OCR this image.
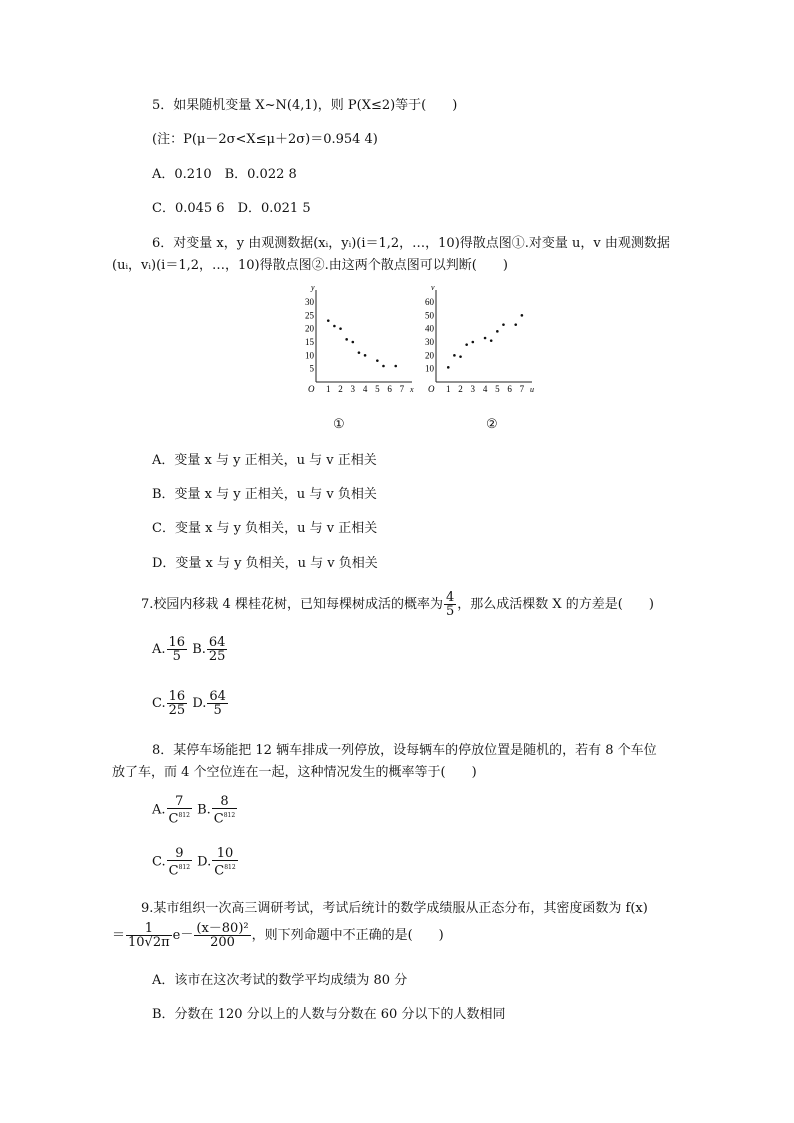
5．如果随机变量 X~N(4,1)，则 P(X≤2)等于(　　)
(注：P(μ－2σ<X≤μ＋2σ)＝0.954 4)
A．0.210　B．0.022 8
C．0.045 6　D．0.021 5
6．对变量 x，y 由观测数据(xᵢ，yᵢ)(i＝1,2，…，10)得散点图①.对变量 u，v 由观测数据
(uᵢ，vᵢ)(i＝1,2，…，10)得散点图②.由这两个散点图可以判断(　　)
O	x
y
1 2 3 4 5 6 7
5
10
15
20
25
30
O	u
v
1 2 3 4 5 6 7
10
20
30
40
50
60
①	②
A．变量 x 与 y 正相关，u 与 v 正相关
B．变量 x 与 y 正相关，u 与 v 负相关
C．变量 x 与 y 负相关，u 与 v 正相关
D．变量 x 与 y 负相关，u 与 v 负相关
7.校园内移栽 4 棵桂花树，已知每棵树成活的概率为 $\frac{4}{5}$ ，那么成活棵数 X 的方差是(　　)
A. $\frac{16}{5} B$. $\frac{64}{25}$
C. $\frac{16}{25} D$. $\frac{64}{5}$
8．某停车场能把 12 辆车排成一列停放，设每辆车的停放位置是随机的，若有 8 个车位
放了车，而 4 个空位连在一起，这种情况发生的概率等于(　　)
A. $\frac{7}{C^{812}} B$. $\frac{8}{C^{812}}$
C. $\frac{9}{C^{812}} D$. $\frac{10}{C^{812}}$
9.某市组织一次高三调研考试，考试后统计的数学成绩服从正态分布，其密度函数为 f(x)
＝ $\frac{1}{10√2\pi} e- \frac{\text{(x－80)²}}{200}$ ，则下列命题中不正确的是(　　)
A．该市在这次考试的数学平均成绩为 80 分
B．分数在 120 分以上的人数与分数在 60 分以下的人数相同
